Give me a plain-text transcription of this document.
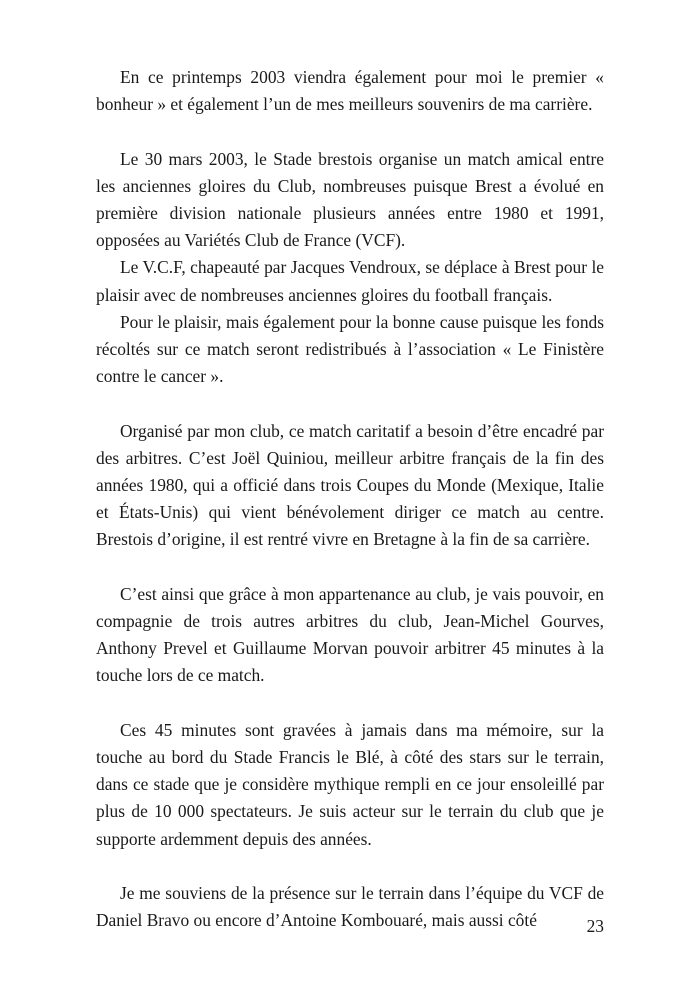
En ce printemps 2003 viendra également pour moi le premier « bonheur » et également l’un de mes meilleurs souvenirs de ma carrière.

Le 30 mars 2003, le Stade brestois organise un match amical entre les anciennes gloires du Club, nombreuses puisque Brest a évolué en première division nationale plusieurs années entre 1980 et 1991, opposées au Variétés Club de France (VCF).

Le V.C.F, chapeauté par Jacques Vendroux, se déplace à Brest pour le plaisir avec de nombreuses anciennes gloires du football français.

Pour le plaisir, mais également pour la bonne cause puisque les fonds récoltés sur ce match seront redistribués à l’association « Le Finistère contre le cancer ».

Organisé par mon club, ce match caritatif a besoin d’être encadré par des arbitres. C’est Joël Quiniou, meilleur arbitre français de la fin des années 1980, qui a officié dans trois Coupes du Monde (Mexique, Italie et États-Unis) qui vient bénévolement diriger ce match au centre. Brestois d’origine, il est rentré vivre en Bretagne à la fin de sa carrière.

C’est ainsi que grâce à mon appartenance au club, je vais pouvoir, en compagnie de trois autres arbitres du club, Jean-Michel Gourves, Anthony Prevel et Guillaume Morvan pouvoir arbitrer 45 minutes à la touche lors de ce match.

Ces 45 minutes sont gravées à jamais dans ma mémoire, sur la touche au bord du Stade Francis le Blé, à côté des stars sur le terrain, dans ce stade que je considère mythique rempli en ce jour ensoleillé par plus de 10 000 spectateurs. Je suis acteur sur le terrain du club que je supporte ardemment depuis des années.

Je me souviens de la présence sur le terrain dans l’équipe du VCF de Daniel Bravo ou encore d’Antoine Kombouaré, mais aussi côté	23
